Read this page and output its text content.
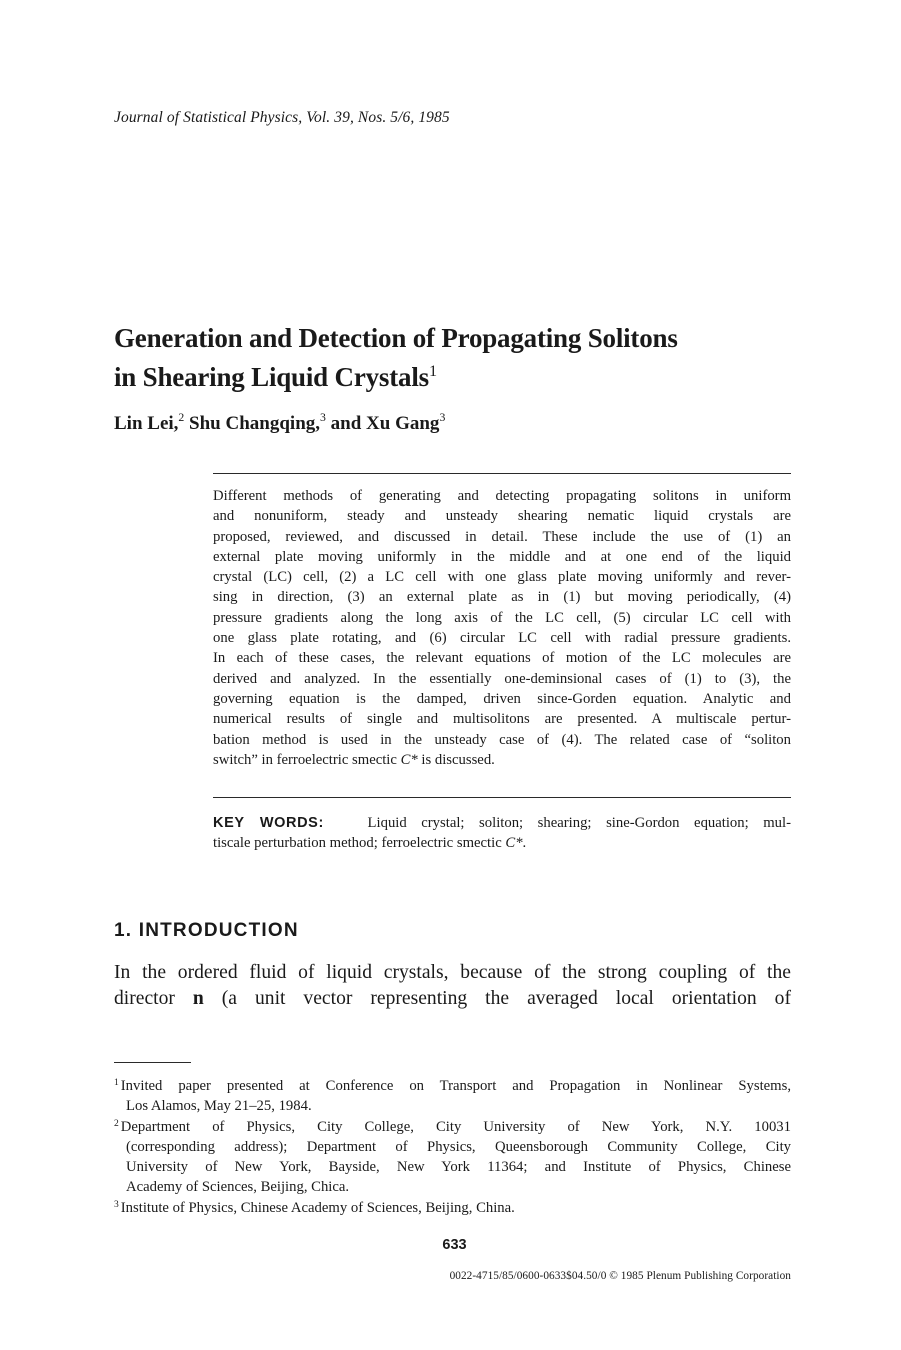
Journal of Statistical Physics, Vol. 39, Nos. 5/6, 1985
Generation and Detection of Propagating Solitons
in Shearing Liquid Crystals$^1$
Lin Lei,$^2$ Shu Changqing,$^3$ and Xu Gang$^3$
Different methods of generating and detecting propagating solitons in uniform
and nonuniform, steady and unsteady shearing nematic liquid crystals are
proposed, reviewed, and discussed in detail. These include the use of (1) an
external plate moving uniformly in the middle and at one end of the liquid
crystal (LC) cell, (2) a LC cell with one glass plate moving uniformly and rever-
sing in direction, (3) an external plate as in (1) but moving periodically, (4)
pressure gradients along the long axis of the LC cell, (5) circular LC cell with
one glass plate rotating, and (6) circular LC cell with radial pressure gradients.
In each of these cases, the relevant equations of motion of the LC molecules are
derived and analyzed. In the essentially one-deminsional cases of (1) to (3), the
governing equation is the damped, driven since-Gorden equation. Analytic and
numerical results of single and multisolitons are presented. A multiscale pertur-
bation method is used in the unsteady case of (4). The related case of “soliton
switch” in ferroelectric smectic C* is discussed.
KEY WORDS:	Liquid crystal; soliton; shearing; sine-Gordon equation; mul-
tiscale perturbation method; ferroelectric smectic C*.
1. INTRODUCTION
In the ordered fluid of liquid crystals, because of the strong coupling of the
director n (a unit vector representing the averaged local orientation of
$^1$ Invited paper presented at Conference on Transport and Propagation in Nonlinear Systems,
Los Alamos, May 21–25, 1984.
$^2$ Department of Physics, City College, City University of New York, N.Y. 10031
(corresponding address); Department of Physics, Queensborough Community College, City
University of New York, Bayside, New York 11364; and Institute of Physics, Chinese
Academy of Sciences, Beijing, Chica.
$^3$ Institute of Physics, Chinese Academy of Sciences, Beijing, China.
633
0022-4715/85/0600-0633$04.50/0 © 1985 Plenum Publishing Corporation
